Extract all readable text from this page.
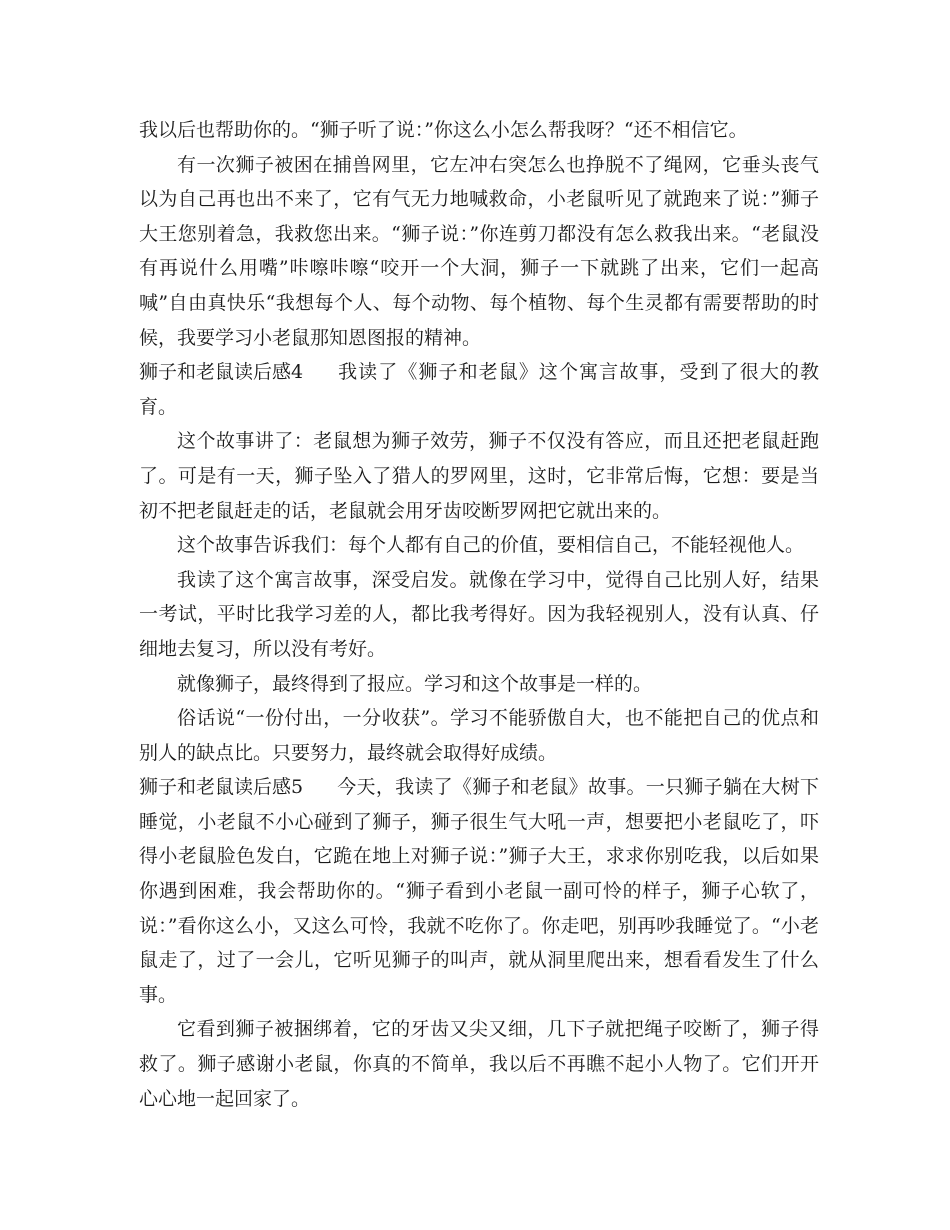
我以后也帮助你的。“狮子听了说：”你这么小怎么帮我呀？“还不相信它。

有一次狮子被困在捕兽网里，它左冲右突怎么也挣脱不了绳网，它垂头丧气以为自己再也出不来了，它有气无力地喊救命，小老鼠听见了就跑来了说：”狮子大王您别着急，我救您出来。“狮子说：”你连剪刀都没有怎么救我出来。“老鼠没有再说什么用嘴”咔嚓咔嚓“咬开一个大洞，狮子一下就跳了出来，它们一起高喊”自由真快乐“我想每个人、每个动物、每个植物、每个生灵都有需要帮助的时候，我要学习小老鼠那知恩图报的精神。

狮子和老鼠读后感4 我读了《狮子和老鼠》这个寓言故事，受到了很大的教育。

这个故事讲了：老鼠想为狮子效劳，狮子不仅没有答应，而且还把老鼠赶跑了。可是有一天，狮子坠入了猎人的罗网里，这时，它非常后悔，它想：要是当初不把老鼠赶走的话，老鼠就会用牙齿咬断罗网把它就出来的。

这个故事告诉我们：每个人都有自己的价值，要相信自己，不能轻视他人。

我读了这个寓言故事，深受启发。就像在学习中，觉得自己比别人好，结果一考试，平时比我学习差的人，都比我考得好。因为我轻视别人，没有认真、仔细地去复习，所以没有考好。

就像狮子，最终得到了报应。学习和这个故事是一样的。

俗话说“一份付出，一分收获”。学习不能骄傲自大，也不能把自己的优点和别人的缺点比。只要努力，最终就会取得好成绩。

狮子和老鼠读后感5 今天，我读了《狮子和老鼠》故事。一只狮子躺在大树下睡觉，小老鼠不小心碰到了狮子，狮子很生气大吼一声，想要把小老鼠吃了，吓得小老鼠脸色发白，它跪在地上对狮子说：”狮子大王，求求你别吃我，以后如果你遇到困难，我会帮助你的。“狮子看到小老鼠一副可怜的样子，狮子心软了，说：”看你这么小，又这么可怜，我就不吃你了。你走吧，别再吵我睡觉了。“小老鼠走了，过了一会儿，它听见狮子的叫声，就从洞里爬出来，想看看发生了什么事。

它看到狮子被捆绑着，它的牙齿又尖又细，几下子就把绳子咬断了，狮子得救了。狮子感谢小老鼠，你真的不简单，我以后不再瞧不起小人物了。它们开开心心地一起回家了。
